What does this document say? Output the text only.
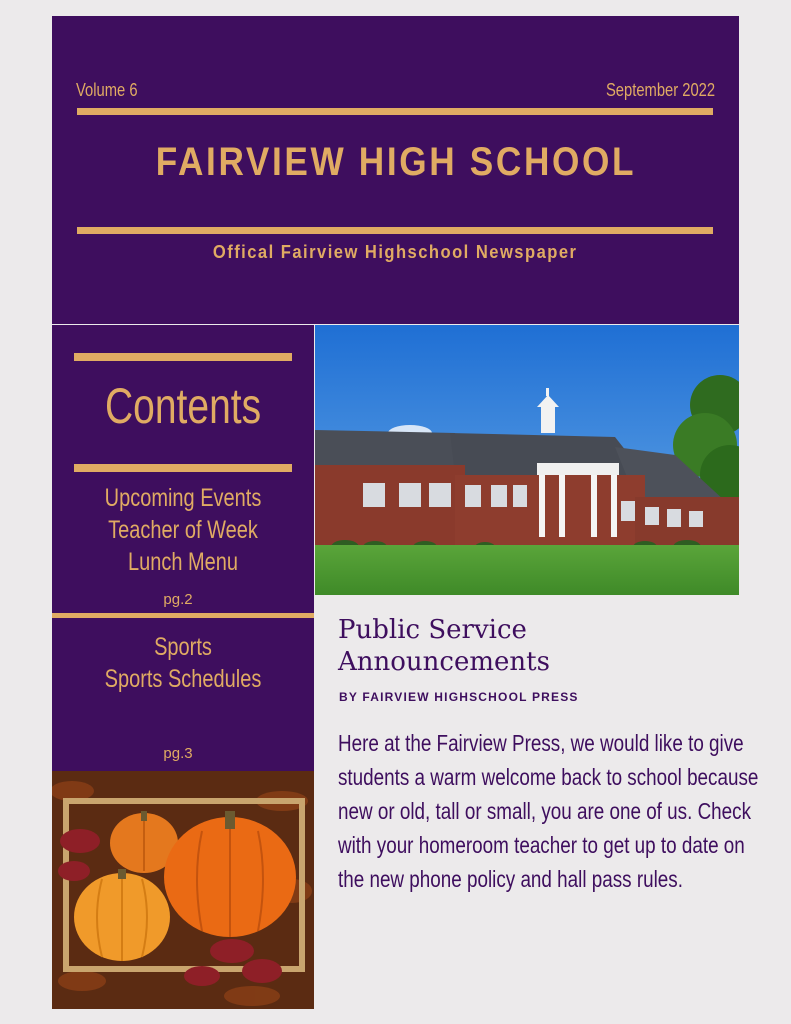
Volume 6	September 2022
FAIRVIEW HIGH SCHOOL
Offical Fairview Highschool Newspaper
Contents
Upcoming Events
Teacher of Week
Lunch Menu
pg.2
Sports
Sports Schedules
pg.3
Public Service
Announcements
BY FAIRVIEW HIGHSCHOOL PRESS
Here at the Fairview Press, we would like to give students a warm welcome back to school because new or old, tall or small, you are one of us. Check with your homeroom teacher to get up to date on the new phone policy and hall pass rules.
